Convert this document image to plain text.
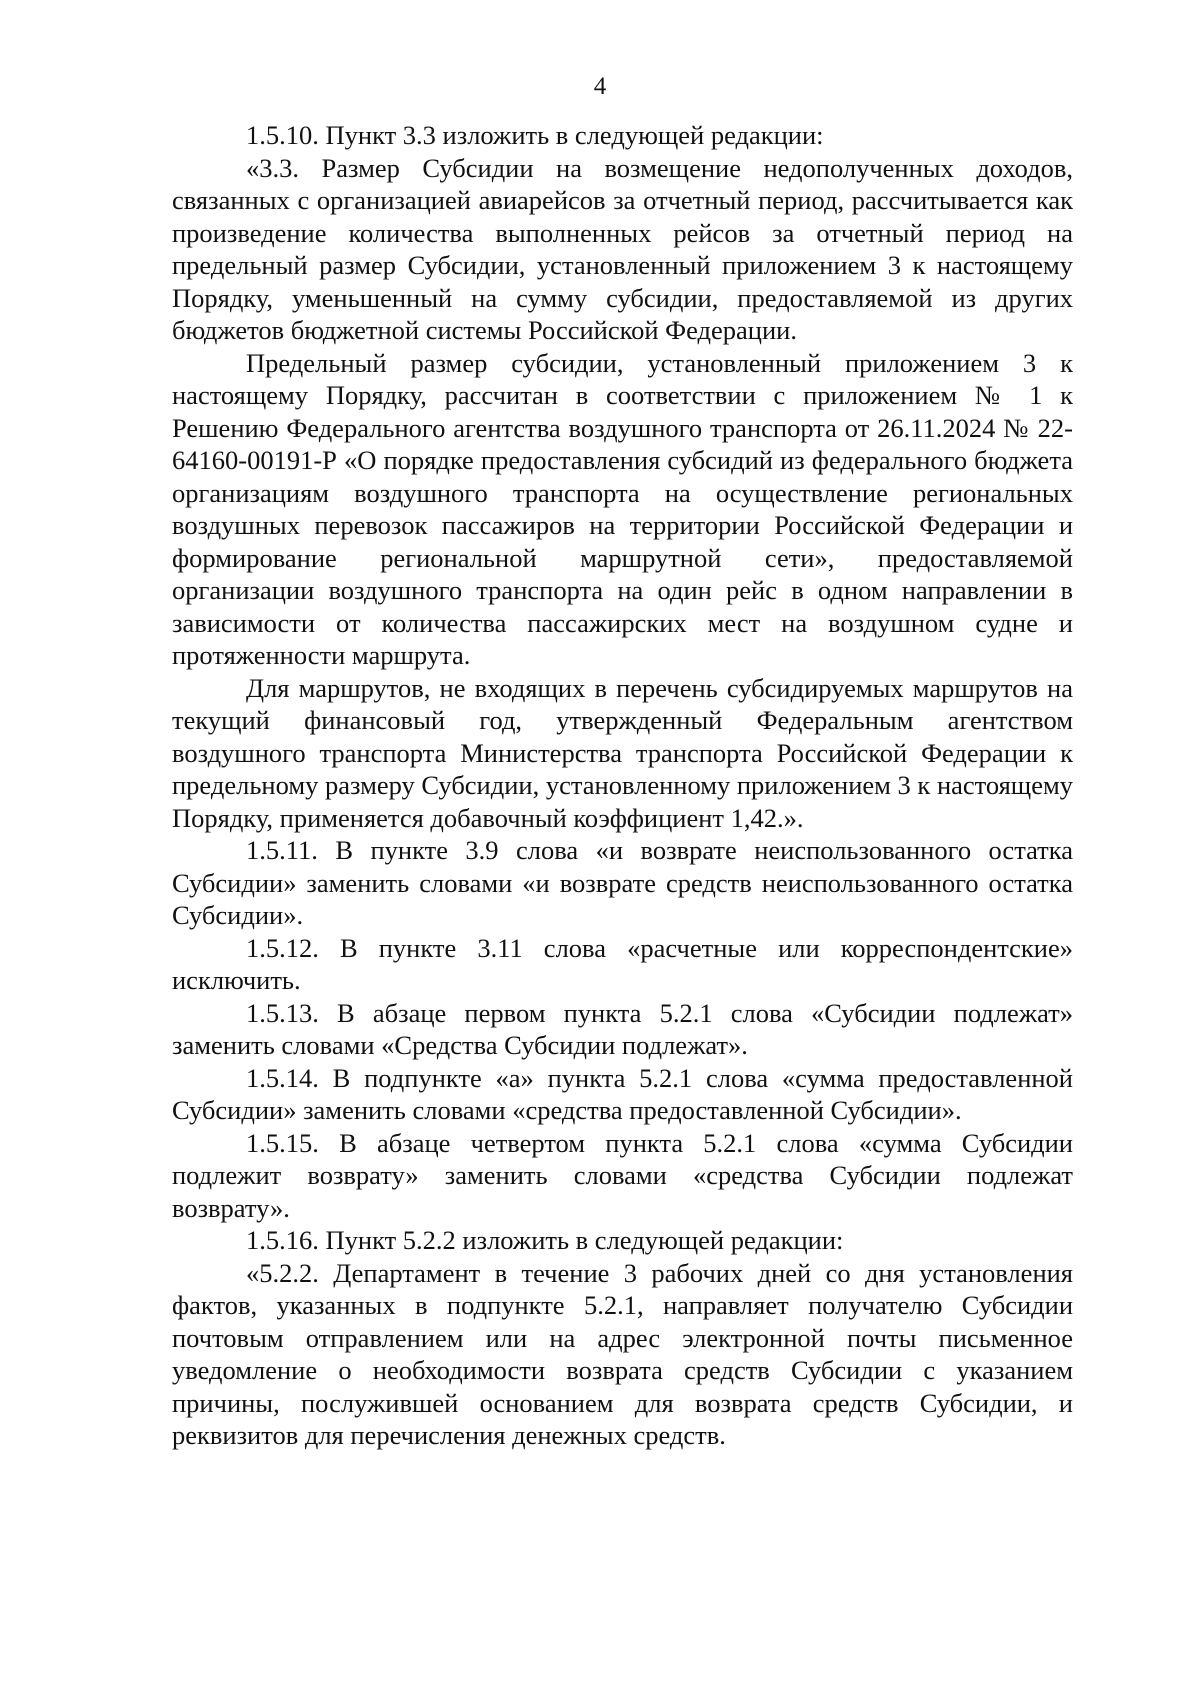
4

1.5.10. Пункт 3.3 изложить в следующей редакции:

«3.3. Размер Субсидии на возмещение недополученных доходов, связанных с организацией авиарейсов за отчетный период, рассчитывается как произведение количества выполненных рейсов за отчетный период на предельный размер Субсидии, установленный приложением 3 к настоящему Порядку, уменьшенный на сумму субсидии, предоставляемой из других бюджетов бюджетной системы Российской Федерации.

Предельный размер субсидии, установленный приложением 3 к настоящему Порядку, рассчитан в соответствии с приложением № 1 к Решению Федерального агентства воздушного транспорта от 26.11.2024 № 22-64160-00191-Р «О порядке предоставления субсидий из федерального бюджета организациям воздушного транспорта на осуществление региональных воздушных перевозок пассажиров на территории Российской Федерации и формирование региональной маршрутной сети», предоставляемой организации воздушного транспорта на один рейс в одном направлении в зависимости от количества пассажирских мест на воздушном судне и протяженности маршрута.

Для маршрутов, не входящих в перечень субсидируемых маршрутов на текущий финансовый год, утвержденный Федеральным агентством воздушного транспорта Министерства транспорта Российской Федерации к предельному размеру Субсидии, установленному приложением 3 к настоящему Порядку, применяется добавочный коэффициент 1,42.».

1.5.11. В пункте 3.9 слова «и возврате неиспользованного остатка Субсидии» заменить словами «и возврате средств неиспользованного остатка Субсидии».

1.5.12. В пункте 3.11 слова «расчетные или корреспондентские» исключить.

1.5.13. В абзаце первом пункта 5.2.1 слова «Субсидии подлежат» заменить словами «Средства Субсидии подлежат».

1.5.14. В подпункте «а» пункта 5.2.1 слова «сумма предоставленной Субсидии» заменить словами «средства предоставленной Субсидии».

1.5.15. В абзаце четвертом пункта 5.2.1 слова «сумма Субсидии подлежит возврату» заменить словами «средства Субсидии подлежат возврату».

1.5.16. Пункт 5.2.2 изложить в следующей редакции:

«5.2.2. Департамент в течение 3 рабочих дней со дня установления фактов, указанных в подпункте 5.2.1, направляет получателю Субсидии почтовым отправлением или на адрес электронной почты письменное уведомление о необходимости возврата средств Субсидии с указанием причины, послужившей основанием для возврата средств Субсидии, и реквизитов для перечисления денежных средств.
